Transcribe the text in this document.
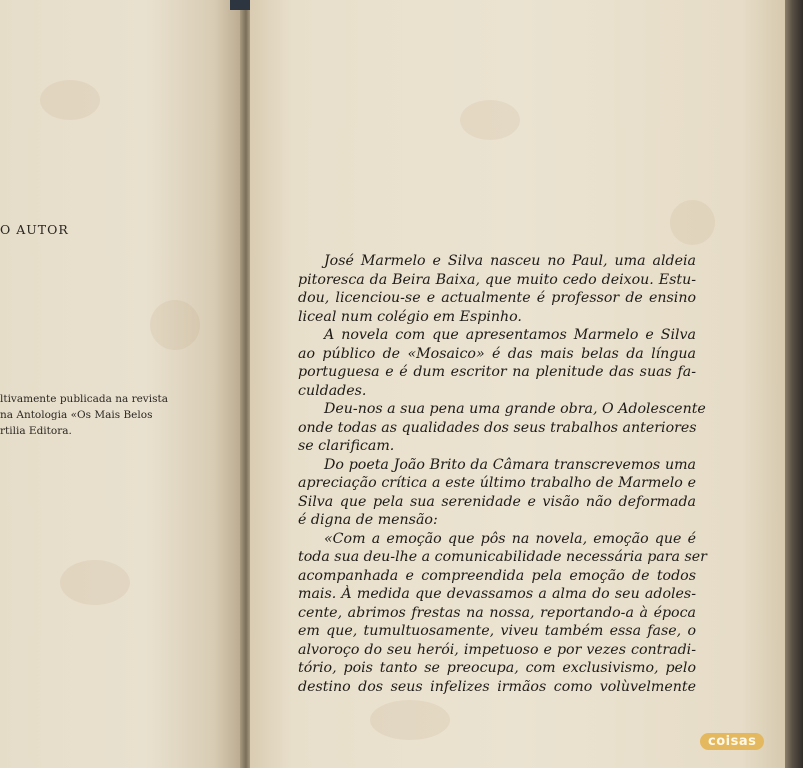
O AUTOR
ltivamente publicada na revista
na Antologia «Os Mais Belos
rtilia Editora.
José Marmelo e Silva nasceu no Paul, uma aldeia
pitoresca da Beira Baixa, que muito cedo deixou. Estu-
dou, licenciou-se e actualmente é professor de ensino
liceal num colégio em Espinho.
A novela com que apresentamos Marmelo e Silva
ao público de «Mosaico» é das mais belas da língua
portuguesa e é dum escritor na plenitude das suas fa-
culdades.
Deu-nos a sua pena uma grande obra, O Adolescente
onde todas as qualidades dos seus trabalhos anteriores
se clarificam.
Do poeta João Brito da Câmara transcrevemos uma
apreciação crítica a este último trabalho de Marmelo e
Silva que pela sua serenidade e visão não deformada
é digna de mensão:
«Com a emoção que pôs na novela, emoção que é
toda sua deu-lhe a comunicabilidade necessária para ser
acompanhada e compreendida pela emoção de todos
mais. À medida que devassamos a alma do seu adoles-
cente, abrimos frestas na nossa, reportando-a à época
em que, tumultuosamente, viveu também essa fase, o
alvoroço do seu herói, impetuoso e por vezes contradi-
tório, pois tanto se preocupa, com exclusivismo, pelo
destino dos seus infelizes irmãos como volùvelmente
coisas
